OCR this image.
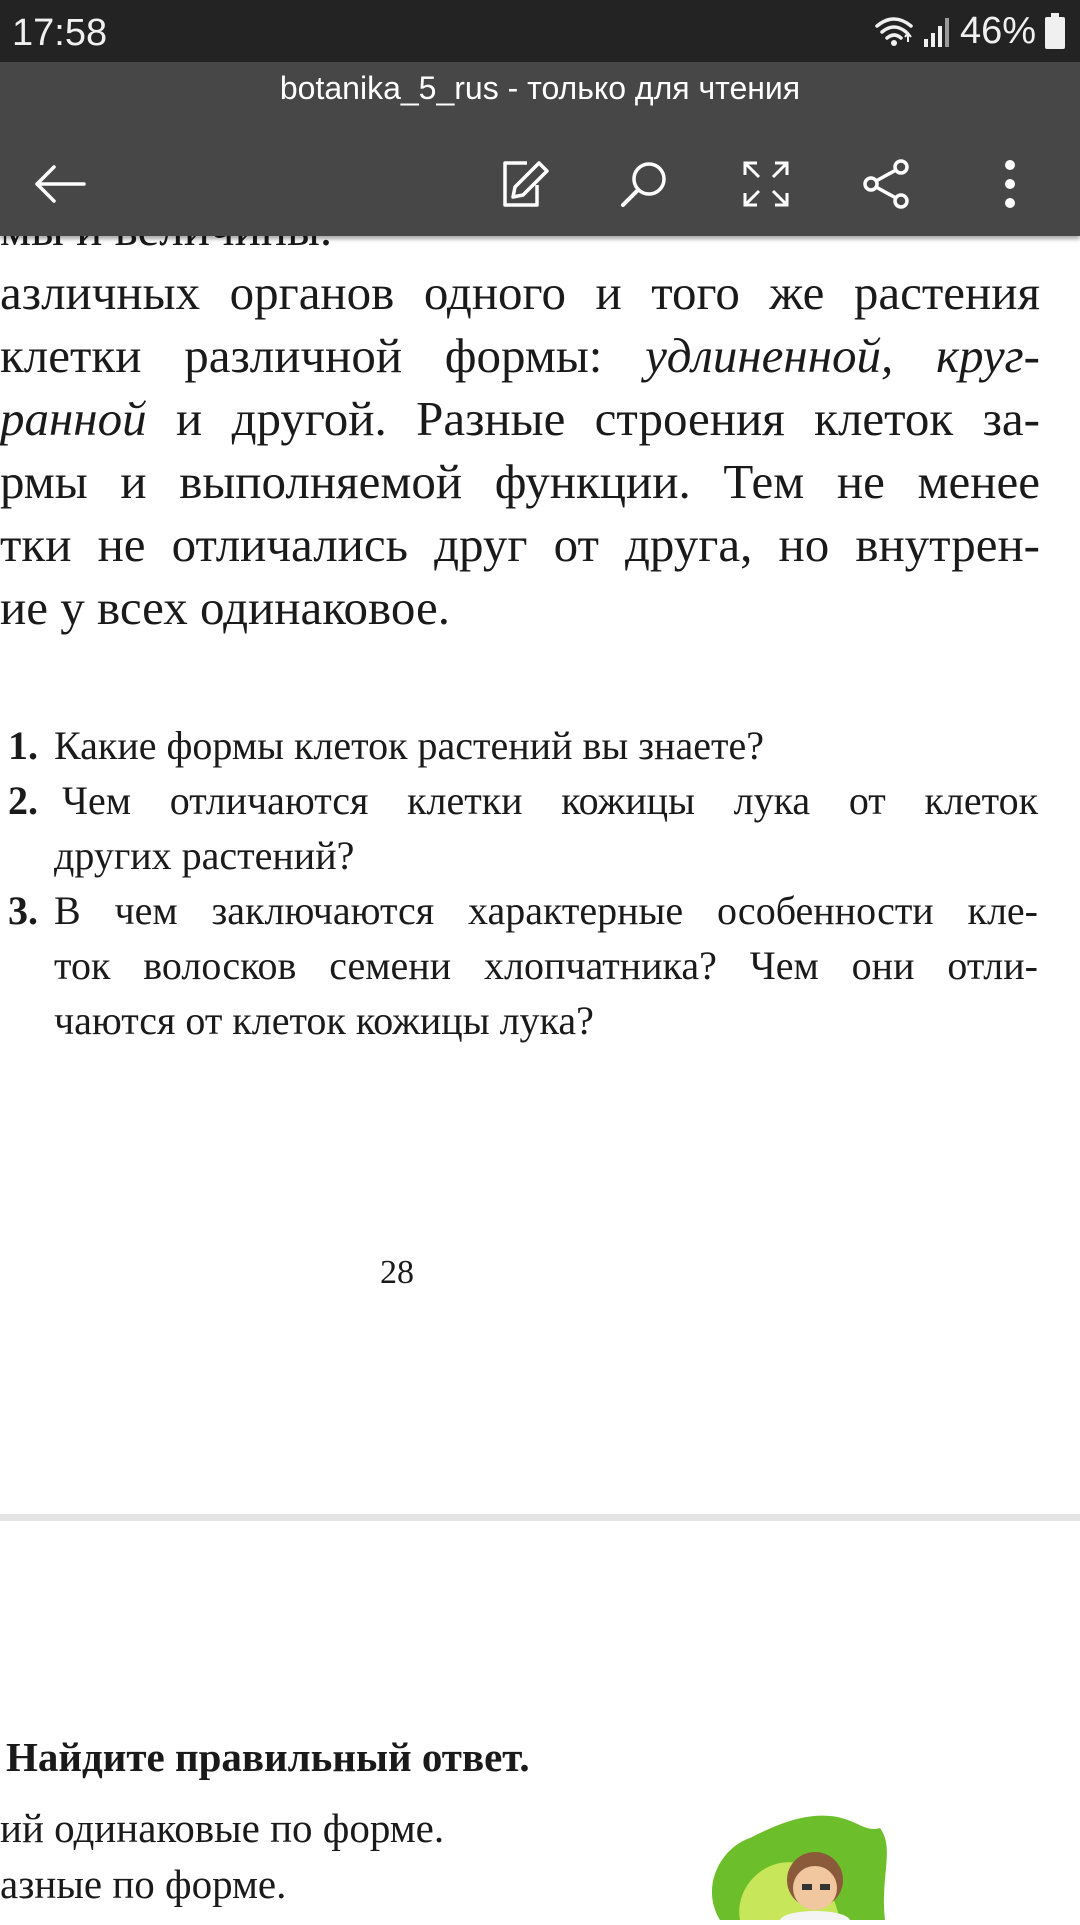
17:58	46%
botanika_5_rus - только для чтения
азличных органов одного и того же растения
клетки различной формы: удлиненной, круг-
ранной и другой. Разные строения клеток за-
рмы и выполняемой функции. Тем не менее
тки не отличались друг от друга, но внутрен-
ие у всех одинаковое.
1. Какие формы клеток растений вы знаете?
2. Чем отличаются клетки кожицы лука от клеток
других растений?
3. В чем заключаются характерные особенности кле-
ток волосков семени хлопчатника? Чем они отли-
чаются от клеток кожицы лука?
28
Найдите правильный ответ.
ий одинаковые по форме.
азные по форме.
